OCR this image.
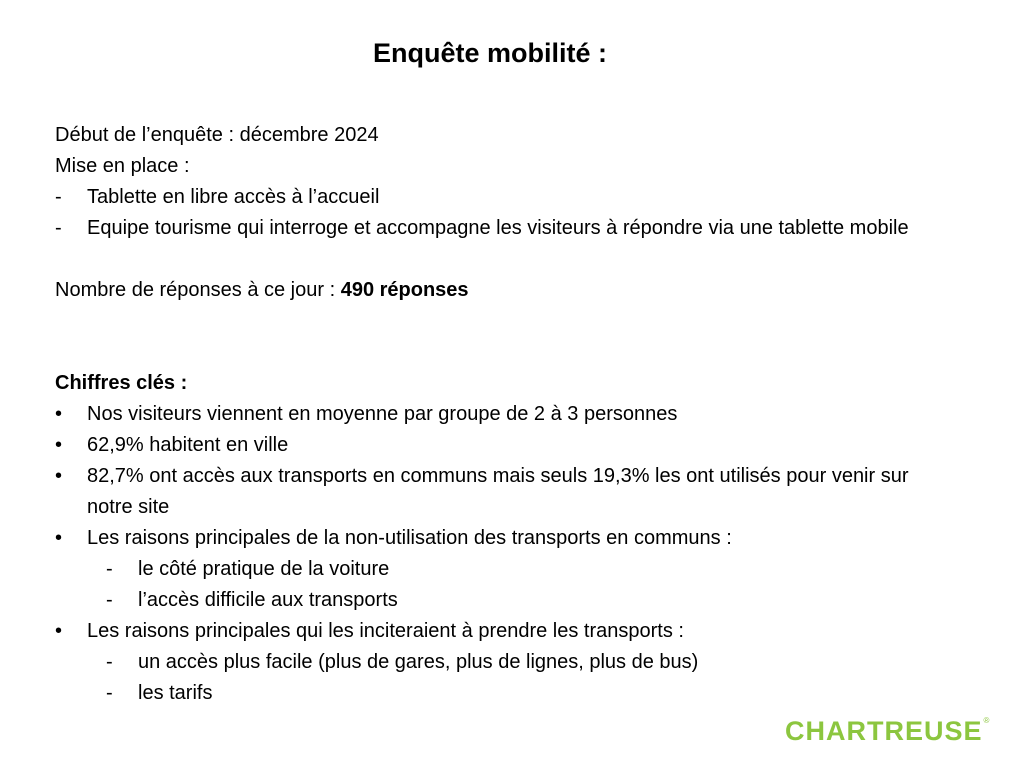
Enquête mobilité :

Début de l’enquête : décembre 2024

Mise en place :

-	Tablette en libre accès à l’accueil
-	Equipe tourisme qui interroge et accompagne les visiteurs à répondre via une tablette mobile

Nombre de réponses à ce jour : 490 réponses

Chiffres clés :

•	Nos visiteurs viennent en moyenne par groupe de 2 à 3 personnes
•	62,9% habitent en ville
•	82,7% ont accès aux transports en communs mais seuls 19,3% les ont utilisés pour venir sur notre site
•	Les raisons principales de la non-utilisation des transports en communs :
-	le côté pratique de la voiture
-	l’accès difficile aux transports
•	Les raisons principales qui les inciteraient à prendre les transports :
-	un accès plus facile (plus de gares, plus de lignes, plus de bus)
-	les tarifs
CHARTREUSE®
